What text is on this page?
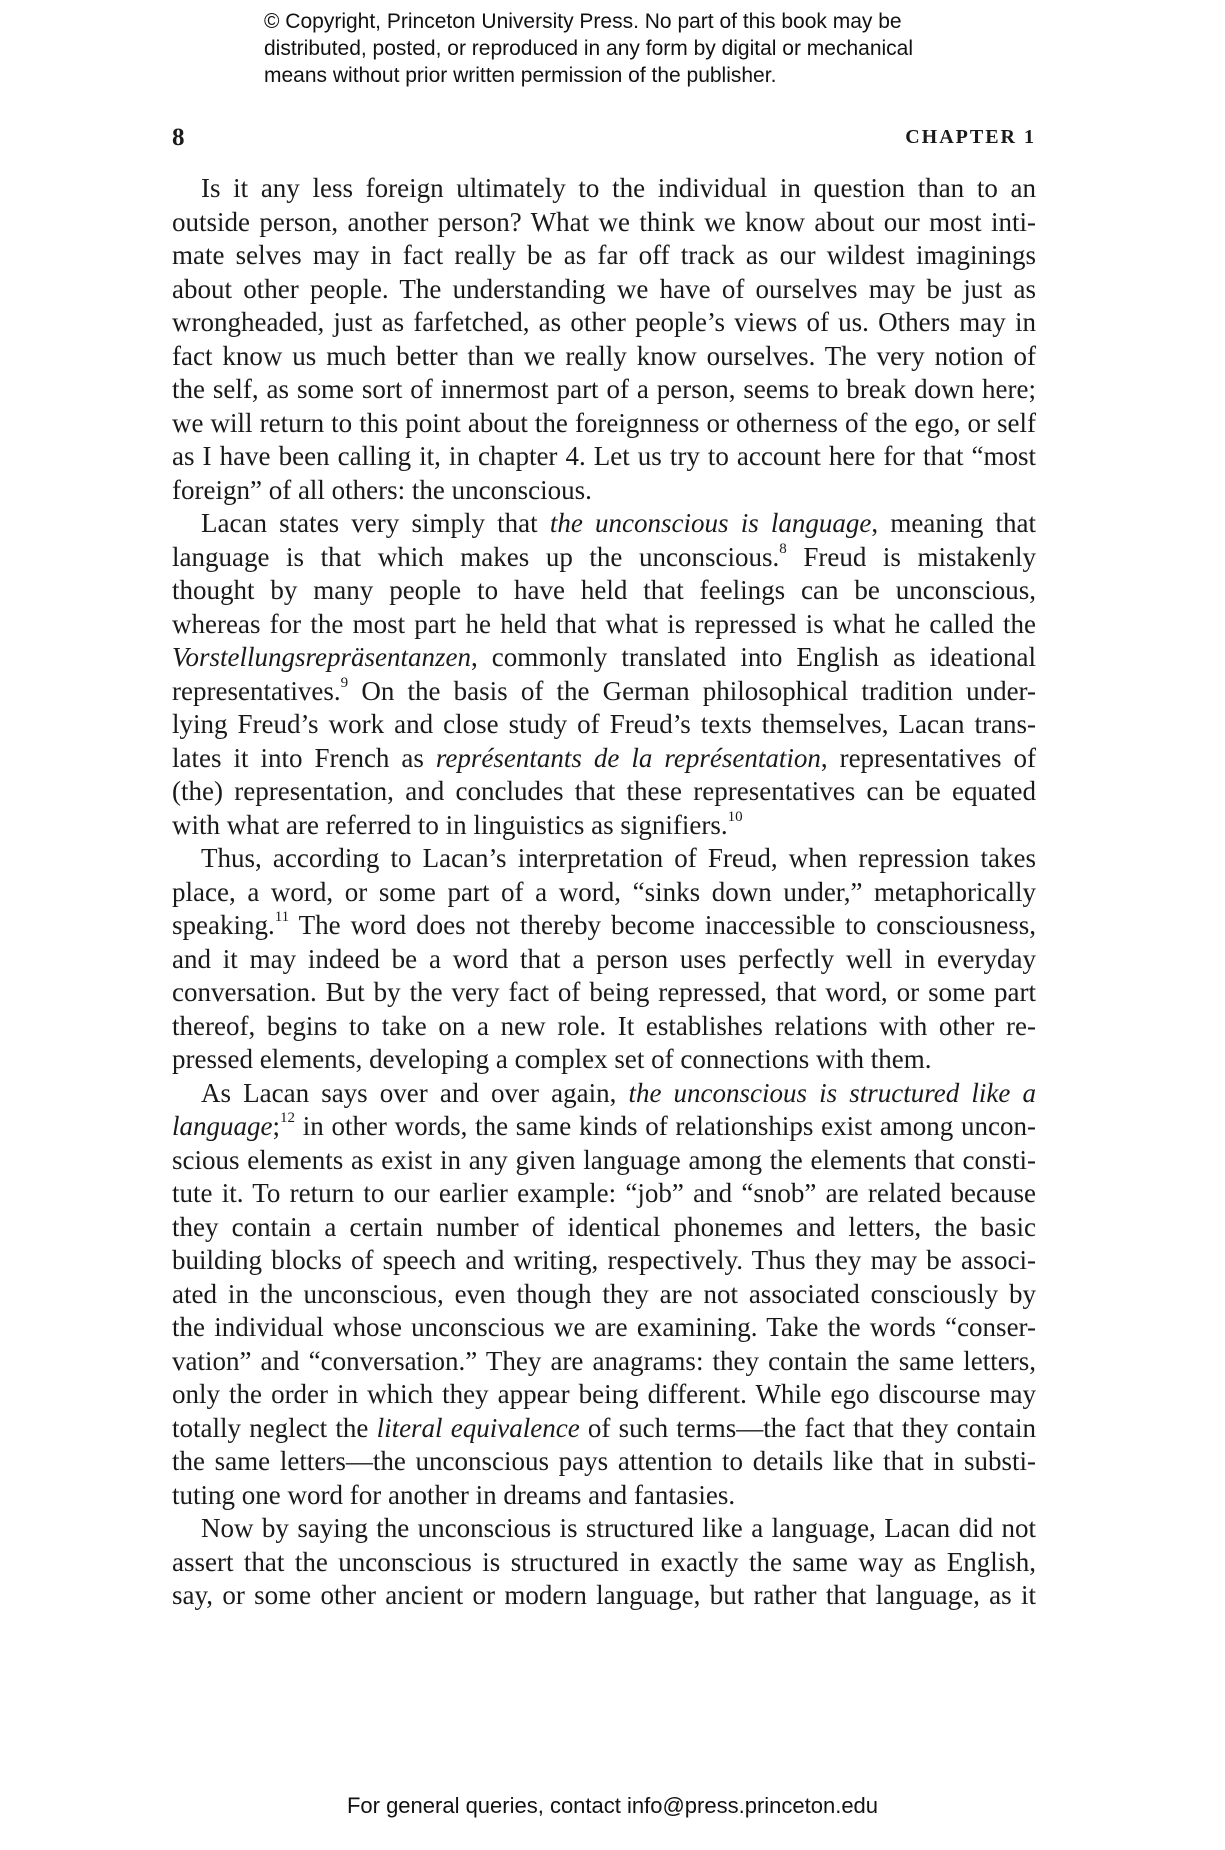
© Copyright, Princeton University Press. No part of this book may be
distributed, posted, or reproduced in any form by digital or mechanical
means without prior written permission of the publisher.
8	CHAPTER 1
Is it any less foreign ultimately to the individual in question than to an
outside person, another person? What we think we know about our most inti-
mate selves may in fact really be as far off track as our wildest imaginings
about other people. The understanding we have of ourselves may be just as
wrongheaded, just as farfetched, as other people’s views of us. Others may in
fact know us much better than we really know ourselves. The very notion of
the self, as some sort of innermost part of a person, seems to break down here;
we will return to this point about the foreignness or otherness of the ego, or self
as I have been calling it, in chapter 4. Let us try to account here for that “most
foreign” of all others: the unconscious.
Lacan states very simply that the unconscious is language, meaning that
language is that which makes up the unconscious.$^8$ Freud is mistakenly
thought by many people to have held that feelings can be unconscious,
whereas for the most part he held that what is repressed is what he called the
Vorstellungsrepräsentanzen, commonly translated into English as ideational
representatives.$^9$ On the basis of the German philosophical tradition under-
lying Freud’s work and close study of Freud’s texts themselves, Lacan trans-
lates it into French as représentants de la représentation, representatives of
(the) representation, and concludes that these representatives can be equated
with what are referred to in linguistics as signifiers.$^{10}$
Thus, according to Lacan’s interpretation of Freud, when repression takes
place, a word, or some part of a word, “sinks down under,” metaphorically
speaking.$^{11}$ The word does not thereby become inaccessible to consciousness,
and it may indeed be a word that a person uses perfectly well in everyday
conversation. But by the very fact of being repressed, that word, or some part
thereof, begins to take on a new role. It establishes relations with other re-
pressed elements, developing a complex set of connections with them.
As Lacan says over and over again, the unconscious is structured like a
language;$^{12}$ in other words, the same kinds of relationships exist among uncon-
scious elements as exist in any given language among the elements that consti-
tute it. To return to our earlier example: “job” and “snob” are related because
they contain a certain number of identical phonemes and letters, the basic
building blocks of speech and writing, respectively. Thus they may be associ-
ated in the unconscious, even though they are not associated consciously by
the individual whose unconscious we are examining. Take the words “conser-
vation” and “conversation.” They are anagrams: they contain the same letters,
only the order in which they appear being different. While ego discourse may
totally neglect the literal equivalence of such terms—the fact that they contain
the same letters—the unconscious pays attention to details like that in substi-
tuting one word for another in dreams and fantasies.
Now by saying the unconscious is structured like a language, Lacan did not
assert that the unconscious is structured in exactly the same way as English,
say, or some other ancient or modern language, but rather that language, as it
For general queries, contact info@press.princeton.edu
